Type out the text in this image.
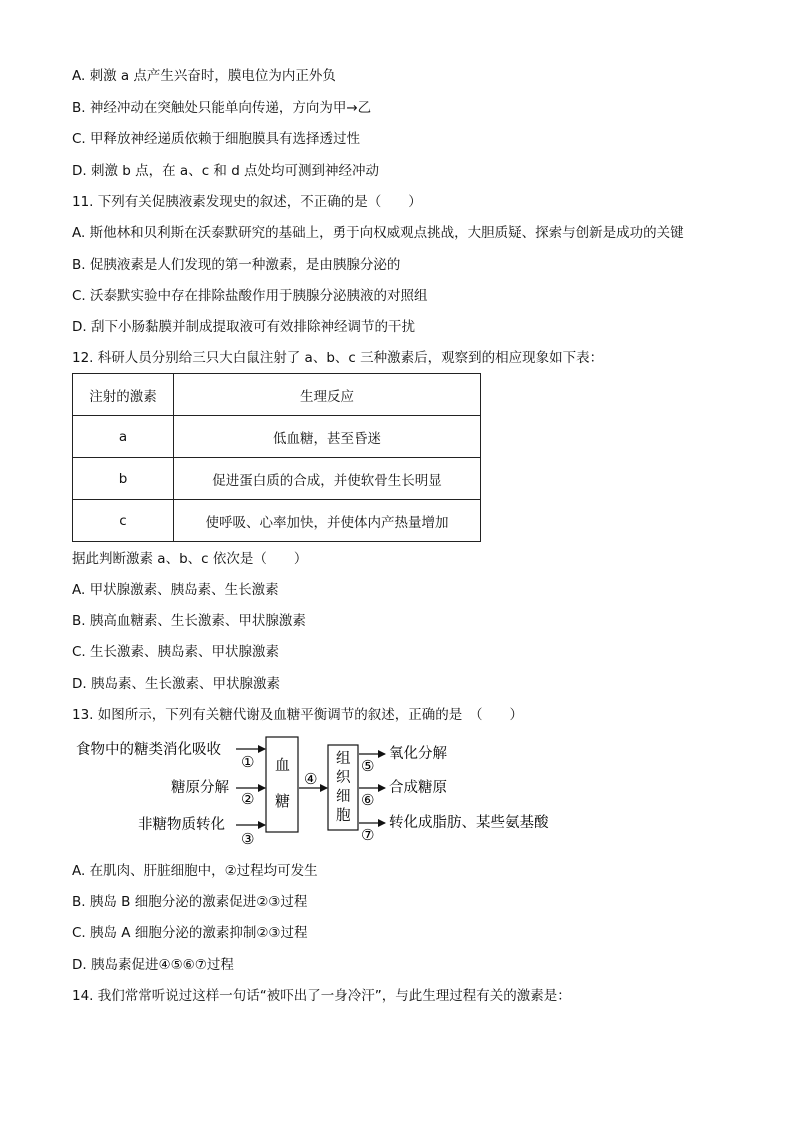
A. 刺激 a 点产生兴奋时，膜电位为内正外负
B. 神经冲动在突触处只能单向传递，方向为甲→乙
C. 甲释放神经递质依赖于细胞膜具有选择透过性
D. 刺激 b 点，在 a、c 和 d 点处均可测到神经冲动
11. 下列有关促胰液素发现史的叙述，不正确的是（　　）
A. 斯他林和贝利斯在沃泰默研究的基础上，勇于向权威观点挑战，大胆质疑、探索与创新是成功的关键
B. 促胰液素是人们发现的第一种激素，是由胰腺分泌的
C. 沃泰默实验中存在排除盐酸作用于胰腺分泌胰液的对照组
D. 刮下小肠黏膜并制成提取液可有效排除神经调节的干扰
12. 科研人员分别给三只大白鼠注射了 a、b、c 三种激素后，观察到的相应现象如下表：
注射的激素	生理反应
a	低血糖，甚至昏迷
b	促进蛋白质的合成，并使软骨生长明显
c	使呼吸、心率加快，并使体内产热量增加
据此判断激素 a、b、c 依次是（　　）
A. 甲状腺激素、胰岛素、生长激素
B. 胰高血糖素、生长激素、甲状腺激素
C. 生长激素、胰岛素、甲状腺激素
D. 胰岛素、生长激素、甲状腺激素
13. 如图所示，下列有关糖代谢及血糖平衡调节的叙述，正确的是　（　　）
食物中的糖类消化吸收
糖原分解
非糖物质转化
①
②
③
血
糖
④
组
织
细
胞
⑤
⑥
⑦
氧化分解
合成糖原
转化成脂肪、某些氨基酸
A. 在肌肉、肝脏细胞中，②过程均可发生
B. 胰岛 B 细胞分泌的激素促进②③过程
C. 胰岛 A 细胞分泌的激素抑制②③过程
D. 胰岛素促进④⑤⑥⑦过程
14. 我们常常听说过这样一句话“被吓出了一身冷汗”，与此生理过程有关的激素是：
